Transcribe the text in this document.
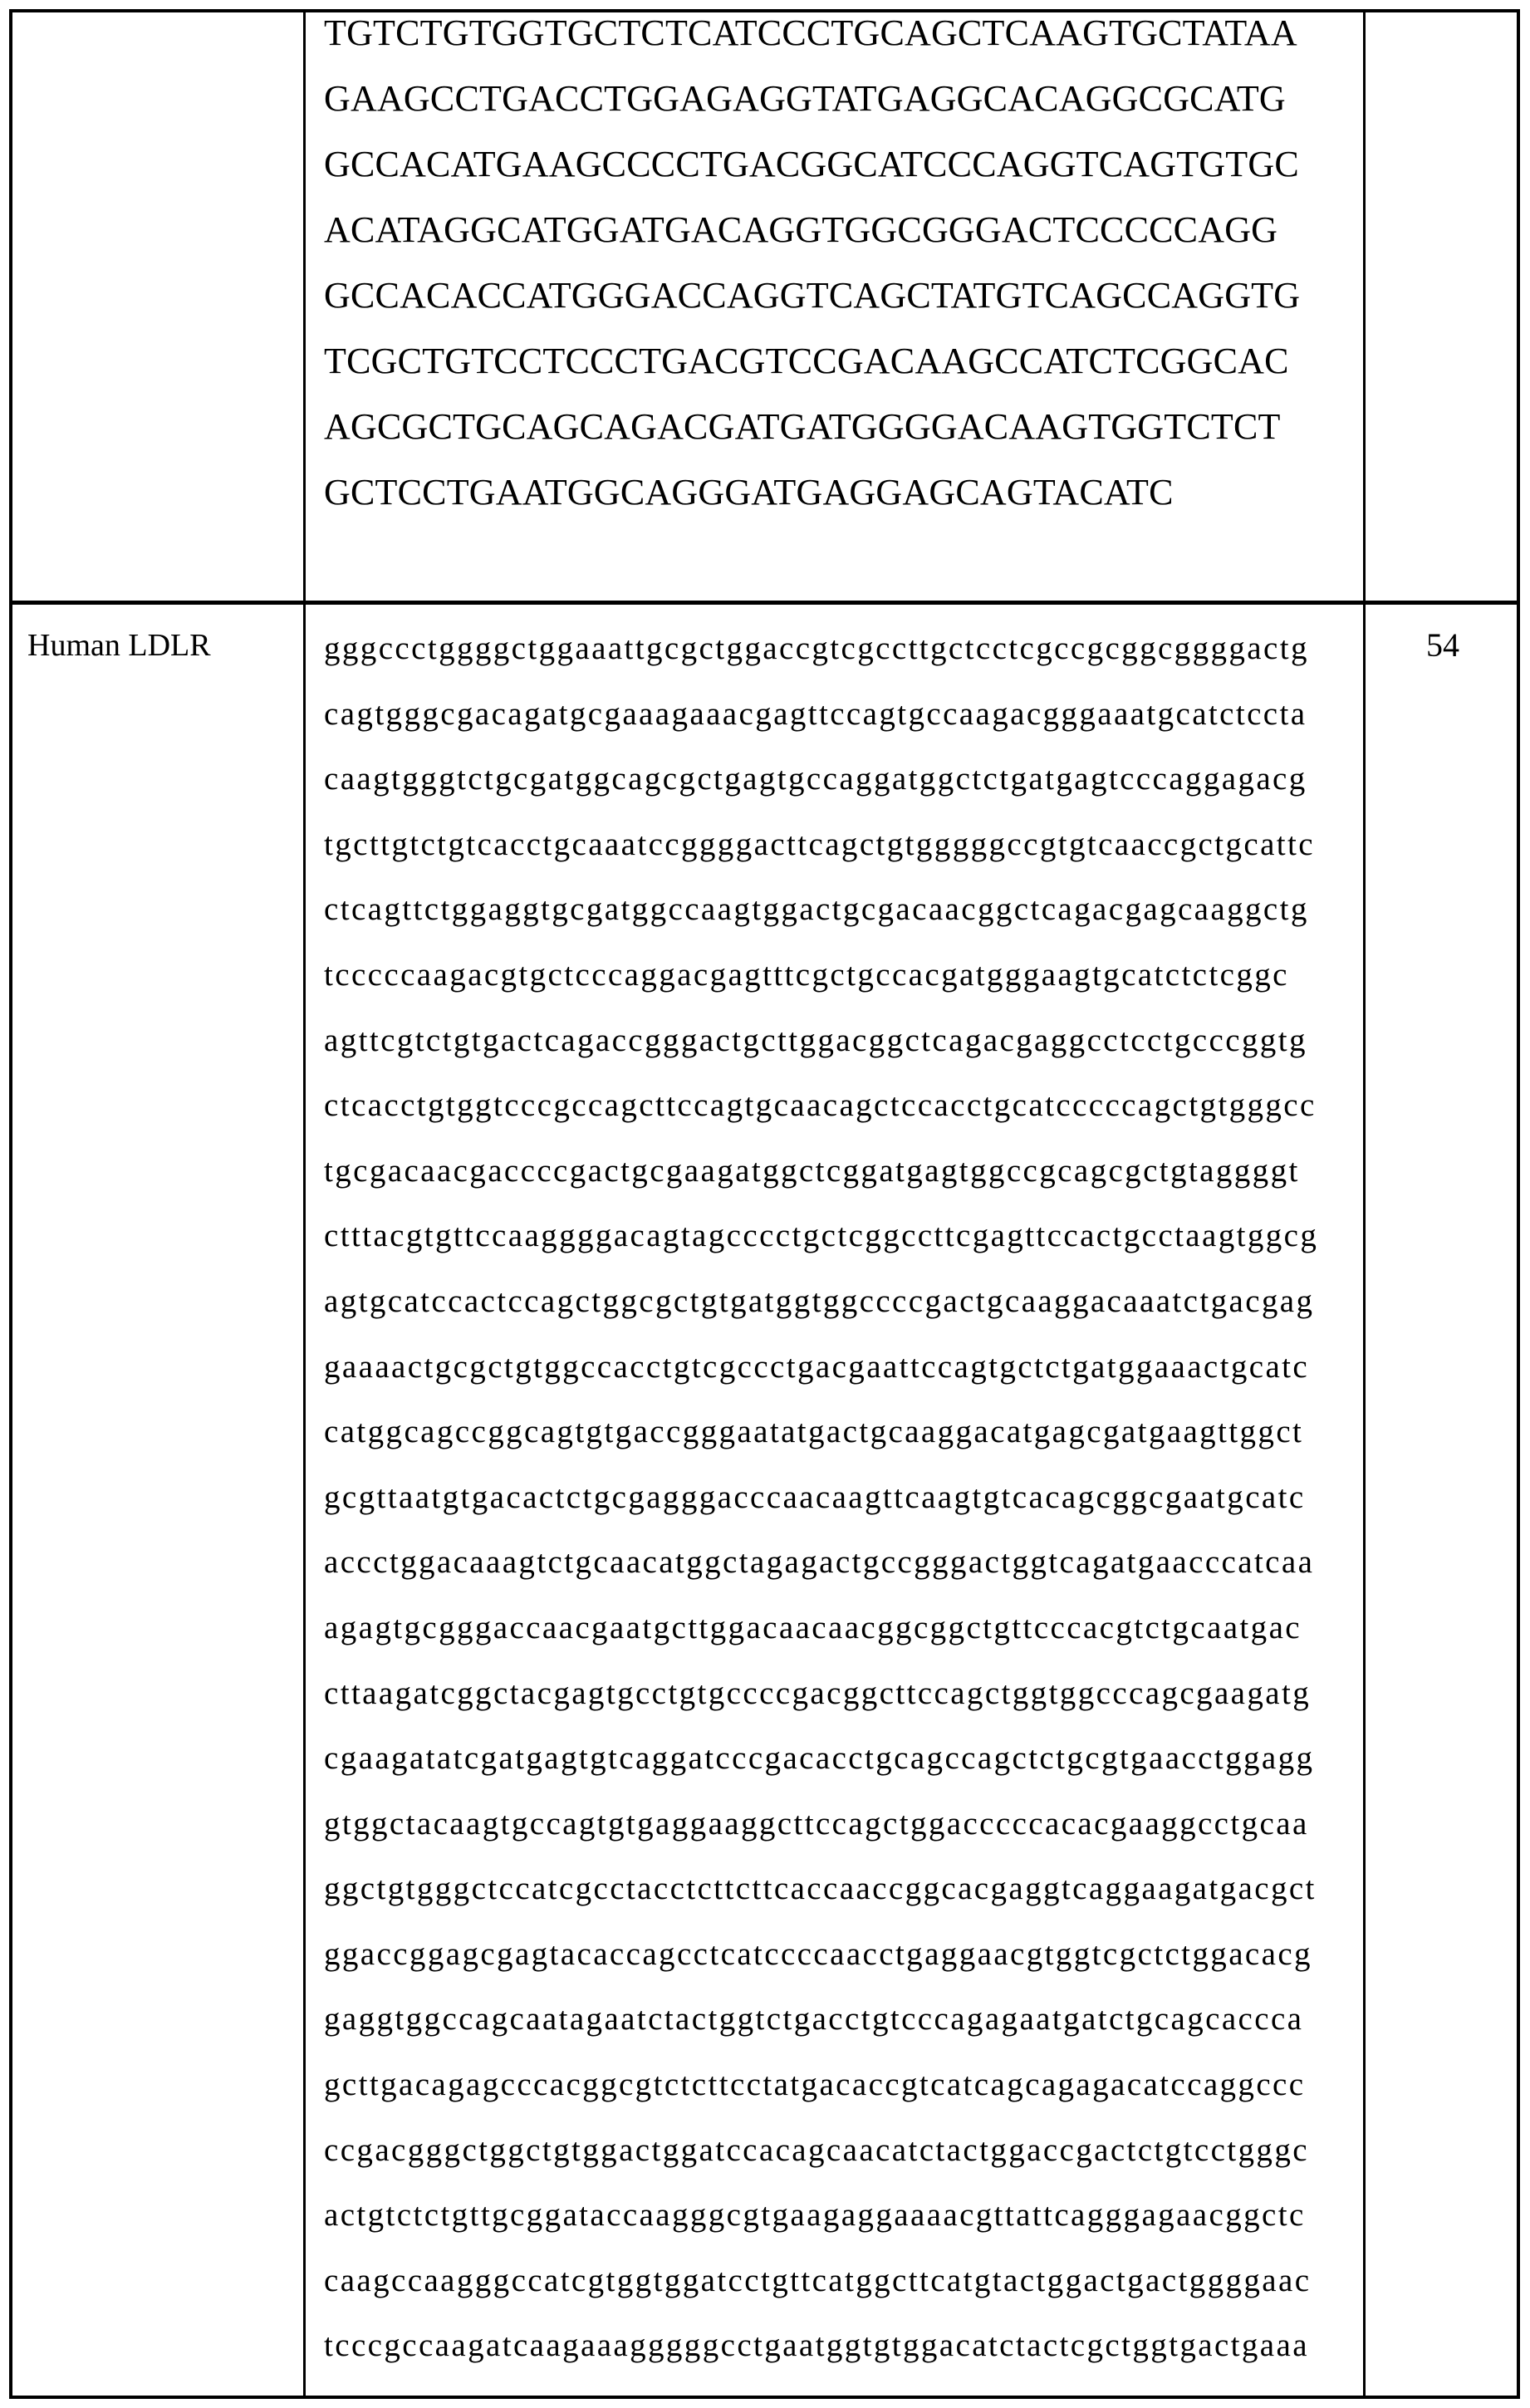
TGTCTGTGGTGCTCTCATCCCTGCAGCTCAAGTGCTATAA
GAAGCCTGACCTGGAGAGGTATGAGGCACAGGCGCATG
GCCACATGAAGCCCCTGACGGCATCCCAGGTCAGTGTGC
ACATAGGCATGGATGACAGGTGGCGGGACTCCCCCAGG
GCCACACCATGGGACCAGGTCAGCTATGTCAGCCAGGTG
TCGCTGTCCTCCCTGACGTCCGACAAGCCATCTCGGCAC
AGCGCTGCAGCAGACGATGATGGGGACAAGTGGTCTCT
GCTCCTGAATGGCAGGGATGAGGAGCAGTACATC
Human LDLR	54
gggccctggggctggaaattgcgctggaccgtcgccttgctcctcgccgcggcggggactg
cagtgggcgacagatgcgaaagaaacgagttccagtgccaagacgggaaatgcatctccta
caagtgggtctgcgatggcagcgctgagtgccaggatggctctgatgagtcccaggagacg
tgcttgtctgtcacctgcaaatccggggacttcagctgtgggggccgtgtcaaccgctgcattc
ctcagttctggaggtgcgatggccaagtggactgcgacaacggctcagacgagcaaggctg
tcccccaagacgtgctcccaggacgagtttcgctgccacgatgggaagtgcatctctcggc
agttcgtctgtgactcagaccgggactgcttggacggctcagacgaggcctcctgcccggtg
ctcacctgtggtcccgccagcttccagtgcaacagctccacctgcatcccccagctgtgggcc
tgcgacaacgaccccgactgcgaagatggctcggatgagtggccgcagcgctgtaggggt
ctttacgtgttccaaggggacagtagcccctgctcggccttcgagttccactgcctaagtggcg
agtgcatccactccagctggcgctgtgatggtggccccgactgcaaggacaaatctgacgag
gaaaactgcgctgtggccacctgtcgccctgacgaattccagtgctctgatggaaactgcatc
catggcagccggcagtgtgaccgggaatatgactgcaaggacatgagcgatgaagttggct
gcgttaatgtgacactctgcgagggacccaacaagttcaagtgtcacagcggcgaatgcatc
accctggacaaagtctgcaacatggctagagactgccgggactggtcagatgaacccatcaa
agagtgcgggaccaacgaatgcttggacaacaacggcggctgttcccacgtctgcaatgac
cttaagatcggctacgagtgcctgtgccccgacggcttccagctggtggcccagcgaagatg
cgaagatatcgatgagtgtcaggatcccgacacctgcagccagctctgcgtgaacctggagg
gtggctacaagtgccagtgtgaggaaggcttccagctggacccccacacgaaggcctgcaa
ggctgtgggctccatcgcctacctcttcttcaccaaccggcacgaggtcaggaagatgacgct
ggaccggagcgagtacaccagcctcatccccaacctgaggaacgtggtcgctctggacacg
gaggtggccagcaatagaatctactggtctgacctgtcccagagaatgatctgcagcaccca
gcttgacagagcccacggcgtctcttcctatgacaccgtcatcagcagagacatccaggccc
ccgacgggctggctgtggactggatccacagcaacatctactggaccgactctgtcctgggc
actgtctctgttgcggataccaagggcgtgaagaggaaaacgttattcagggagaacggctc
caagccaagggccatcgtggtggatcctgttcatggcttcatgtactggactgactggggaac
tcccgccaagatcaagaaagggggcctgaatggtgtggacatctactcgctggtgactgaaa
